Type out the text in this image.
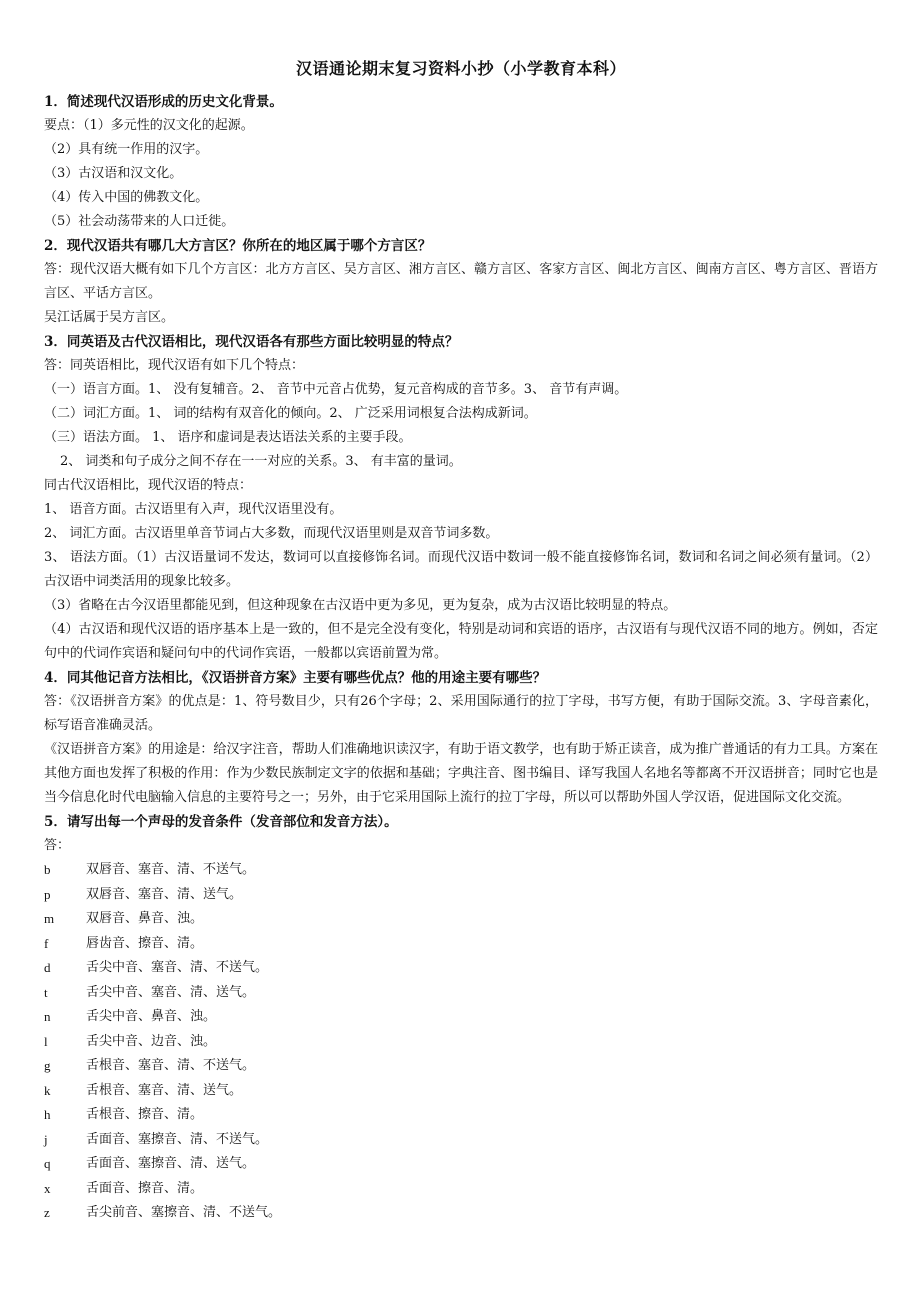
汉语通论期末复习资料小抄（小学教育本科）

1．简述现代汉语形成的历史文化背景。

要点：（1）多元性的汉文化的起源。

（2）具有统一作用的汉字。

（3）古汉语和汉文化。

（4）传入中国的佛教文化。

（5）社会动荡带来的人口迁徙。

2．现代汉语共有哪几大方言区？你所在的地区属于哪个方言区？

答：现代汉语大概有如下几个方言区：北方方言区、吴方言区、湘方言区、赣方言区、客家方言区、闽北方言区、闽南方言区、粤方言区、晋语方言区、平话方言区。

吴江话属于吴方言区。

3．同英语及古代汉语相比，现代汉语各有那些方面比较明显的特点？

答：同英语相比，现代汉语有如下几个特点：

（一）语言方面。1、 没有复辅音。2、 音节中元音占优势，复元音构成的音节多。3、 音节有声调。

（二）词汇方面。1、 词的结构有双音化的倾向。2、 广泛采用词根复合法构成新词。

（三）语法方面。 1、 语序和虚词是表达语法关系的主要手段。

2、 词类和句子成分之间不存在一一对应的关系。3、 有丰富的量词。

同古代汉语相比，现代汉语的特点：

1、 语音方面。古汉语里有入声，现代汉语里没有。

2、 词汇方面。古汉语里单音节词占大多数，而现代汉语里则是双音节词多数。

3、 语法方面。（1）古汉语量词不发达，数词可以直接修饰名词。而现代汉语中数词一般不能直接修饰名词，数词和名词之间必须有量词。（2）古汉语中词类活用的现象比较多。

（3）省略在古今汉语里都能见到，但这种现象在古汉语中更为多见，更为复杂，成为古汉语比较明显的特点。

（4）古汉语和现代汉语的语序基本上是一致的，但不是完全没有变化，特别是动词和宾语的语序，古汉语有与现代汉语不同的地方。例如，否定句中的代词作宾语和疑问句中的代词作宾语，一般都以宾语前置为常。

4．同其他记音方法相比，《汉语拼音方案》主要有哪些优点？他的用途主要有哪些？

答：《汉语拼音方案》的优点是：1、符号数目少，只有26个字母；2、采用国际通行的拉丁字母，书写方便，有助于国际交流。3、字母音素化，标写语音准确灵活。

《汉语拼音方案》的用途是：给汉字注音，帮助人们准确地识读汉字，有助于语文教学，也有助于矫正读音，成为推广普通话的有力工具。方案在其他方面也发挥了积极的作用：作为少数民族制定文字的依据和基础；字典注音、图书编目、译写我国人名地名等都离不开汉语拼音；同时它也是当今信息化时代电脑输入信息的主要符号之一；另外，由于它采用国际上流行的拉丁字母，所以可以帮助外国人学汉语，促进国际文化交流。

5．请写出每一个声母的发音条件（发音部位和发音方法）。

答：

b	双唇音、塞音、清、不送气。
p	双唇音、塞音、清、送气。
m	双唇音、鼻音、浊。
f	唇齿音、擦音、清。
d	舌尖中音、塞音、清、不送气。
t	舌尖中音、塞音、清、送气。
n	舌尖中音、鼻音、浊。
l	舌尖中音、边音、浊。
g	舌根音、塞音、清、不送气。
k	舌根音、塞音、清、送气。
h	舌根音、擦音、清。
j	舌面音、塞擦音、清、不送气。
q	舌面音、塞擦音、清、送气。
x	舌面音、擦音、清。
z	舌尖前音、塞擦音、清、不送气。
